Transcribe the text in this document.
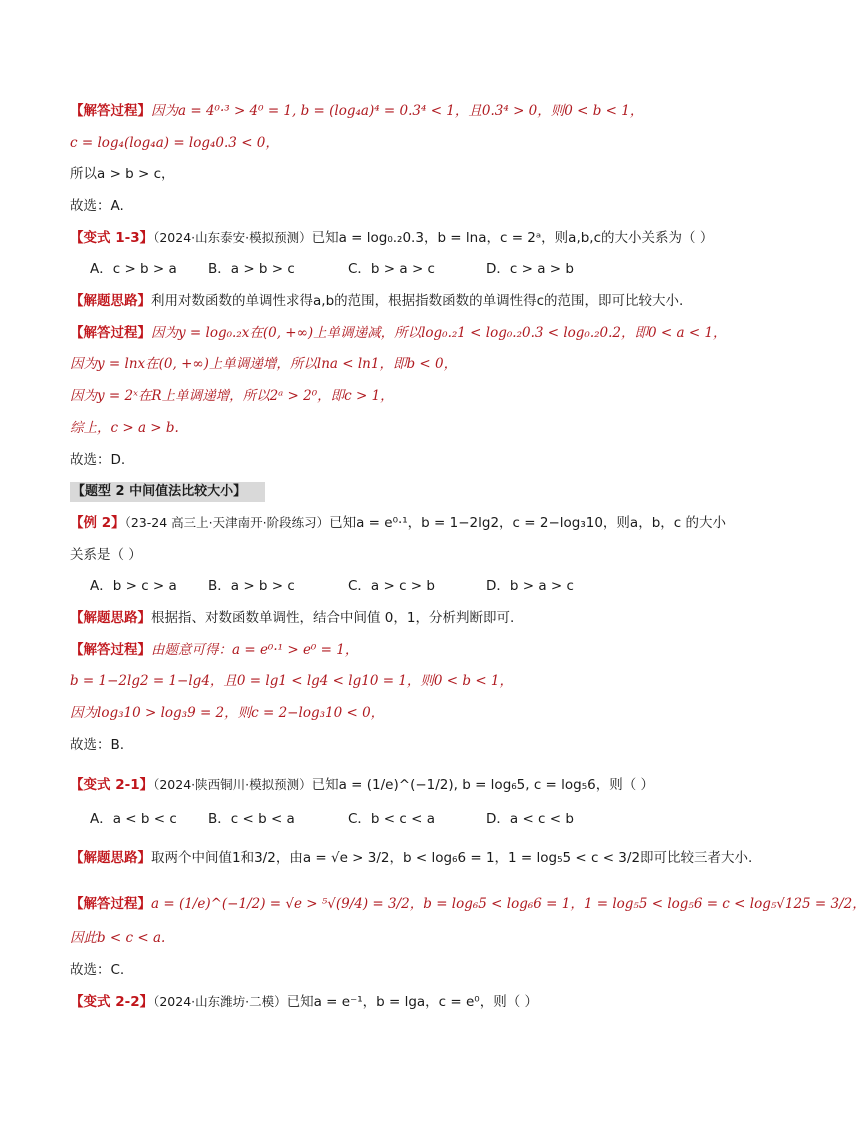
【解答过程】因为a = 4⁰·³ > 4⁰ = 1, b = (log₄a)⁴ = 0.3⁴ < 1，且0.3⁴ > 0，则0 < b < 1，
c = log₄(log₄a) = log₄0.3 < 0，
所以a > b > c，
故选：A.
【变式 1-3】（2024·山东泰安·模拟预测）已知a = log₀.₂0.3，b = lna，c = 2ᵃ，则a,b,c的大小关系为（ ）
A．c > b > a B．a > b > c	C．b > a > c	D．c > a > b
【解题思路】利用对数函数的单调性求得a,b的范围，根据指数函数的单调性得c的范围，即可比较大小.
【解答过程】因为y = log₀.₂x在(0, +∞)上单调递减，所以log₀.₂1 < log₀.₂0.3 < log₀.₂0.2，即0 < a < 1，
因为y = lnx在(0, +∞)上单调递增，所以lna < ln1，即b < 0，
因为y = 2ˣ在R上单调递增，所以2ᵃ > 2⁰，即c > 1，
综上，c > a > b.
故选：D.
【题型 2 中间值法比较大小】
【例 2】（23-24 高三上·天津南开·阶段练习）已知a = e⁰·¹，b = 1−2lg2，c = 2−log₃10，则a，b，c 的大小
关系是（ ）
A．b > c > a B．a > b > c	C．a > c > b	D．b > a > c
【解题思路】根据指、对数函数单调性，结合中间值 0，1，分析判断即可.
【解答过程】由题意可得：a = e⁰·¹ > e⁰ = 1，
b = 1−2lg2 = 1−lg4，且0 = lg1 < lg4 < lg10 = 1，则0 < b < 1，
因为log₃10 > log₃9 = 2，则c = 2−log₃10 < 0，
故选：B.
【变式 2-1】（2024·陕西铜川·模拟预测）已知a = (1/e)^(−1/2), b = log₆5, c = log₅6，则（ ）
A．a < b < c B．c < b < a	C．b < c < a	D．a < c < b
【解题思路】取两个中间值1和3/2，由a = √e > 3/2，b < log₆6 = 1，1 = log₅5 < c < 3/2即可比较三者大小.
【解答过程】a = (1/e)^(−1/2) = √e > ⁵√(9/4) = 3/2，b = log₆5 < log₆6 = 1，1 = log₅5 < log₅6 = c < log₅√125 = 3/2，
因此b < c < a.
故选：C.
【变式 2-2】（2024·山东潍坊·二模）已知a = e⁻¹，b = lga，c = e⁰，则（ ）
